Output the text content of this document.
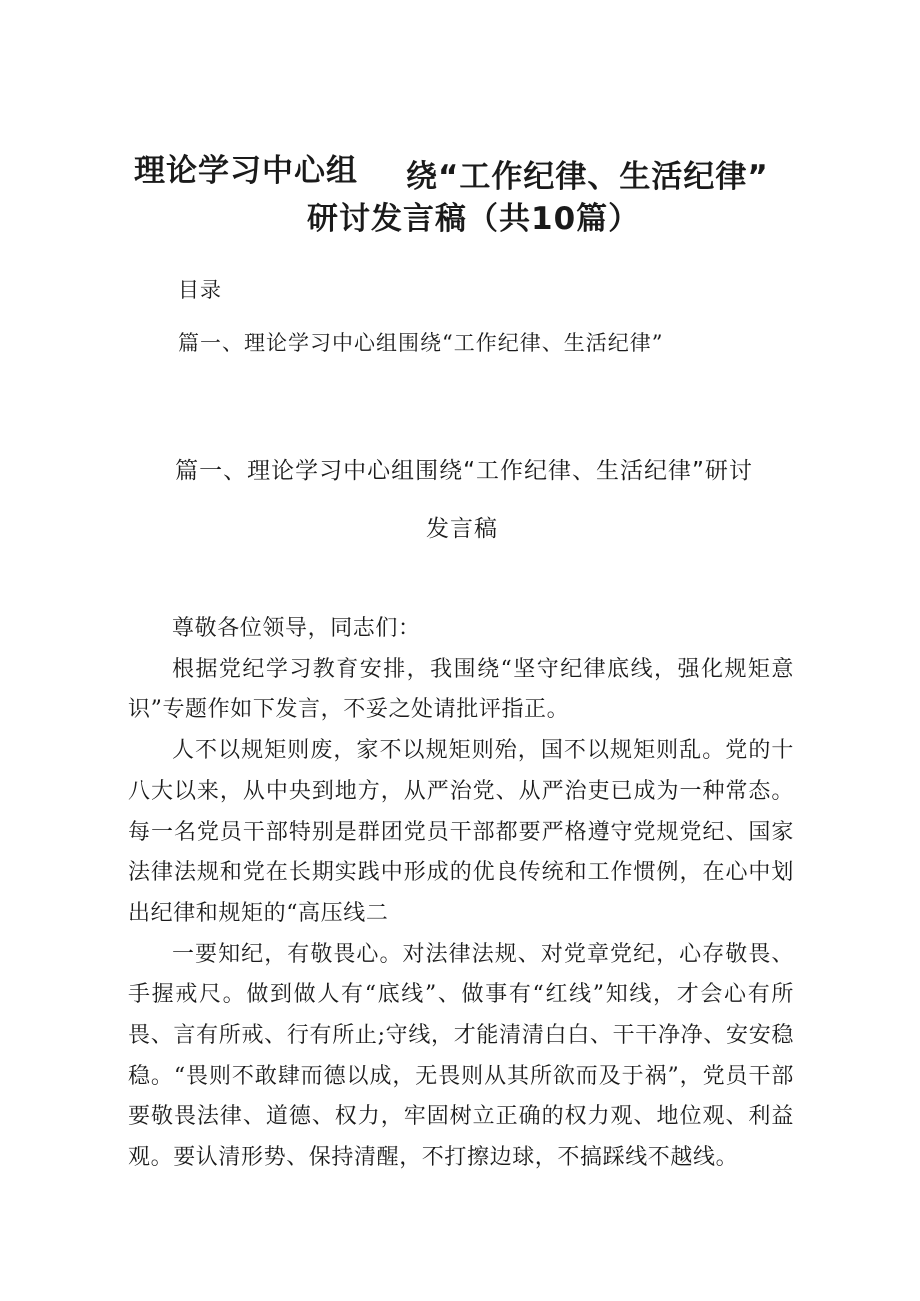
理论学习中心组 绕“工作纪律、生活纪律”
研讨发言稿（共10篇）
目录
篇一、理论学习中心组围绕“工作纪律、生活纪律”
篇一、理论学习中心组围绕“工作纪律、生活纪律”研讨
发言稿

尊敬各位领导，同志们：

根据党纪学习教育安排，我围绕“坚守纪律底线，强化规矩意识”专题作如下发言，不妥之处请批评指正。

人不以规矩则废，家不以规矩则殆，国不以规矩则乱。党的十八大以来，从中央到地方，从严治党、从严治吏已成为一种常态。每一名党员干部特别是群团党员干部都要严格遵守党规党纪、国家法律法规和党在长期实践中形成的优良传统和工作惯例，在心中划出纪律和规矩的“高压线二

一要知纪，有敬畏心。对法律法规、对党章党纪，心存敬畏、手握戒尺。做到做人有“底线”、做事有“红线”知线，才会心有所畏、言有所戒、行有所止;守线，才能清清白白、干干净净、安安稳稳。“畏则不敢肆而德以成，无畏则从其所欲而及于祸”，党员干部要敬畏法律、道德、权力，牢固树立正确的权力观、地位观、利益观。要认清形势、保持清醒，不打擦边球，不搞踩线不越线。
